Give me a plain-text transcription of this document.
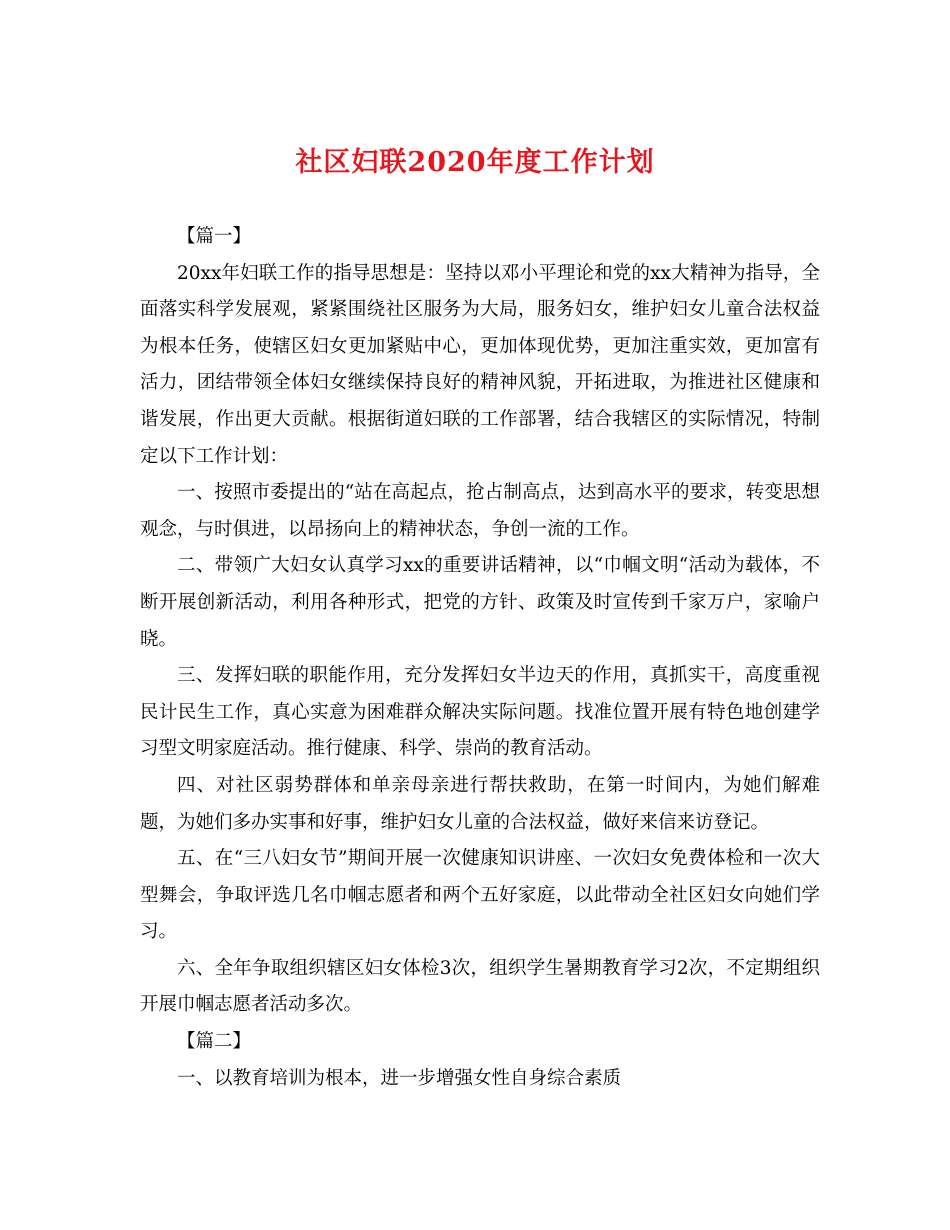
社区妇联2020年度工作计划

【篇一】

20xx年妇联工作的指导思想是：坚持以邓小平理论和党的xx大精神为指导，全面落实科学发展观，紧紧围绕社区服务为大局，服务妇女，维护妇女儿童合法权益为根本任务，使辖区妇女更加紧贴中心，更加体现优势，更加注重实效，更加富有活力，团结带领全体妇女继续保持良好的精神风貌，开拓进取，为推进社区健康和谐发展，作出更大贡献。根据街道妇联的工作部署，结合我辖区的实际情况，特制定以下工作计划：

一、按照市委提出的“站在高起点，抢占制高点，达到高水平的要求，转变思想观念，与时俱进，以昂扬向上的精神状态，争创一流的工作。

二、带领广大妇女认真学习xx的重要讲话精神，以“巾帼文明“活动为载体，不断开展创新活动，利用各种形式，把党的方针、政策及时宣传到千家万户，家喻户晓。

三、发挥妇联的职能作用，充分发挥妇女半边天的作用，真抓实干，高度重视民计民生工作，真心实意为困难群众解决实际问题。找准位置开展有特色地创建学习型文明家庭活动。推行健康、科学、崇尚的教育活动。

四、对社区弱势群体和单亲母亲进行帮扶救助，在第一时间内，为她们解难题，为她们多办实事和好事，维护妇女儿童的合法权益，做好来信来访登记。

五、在“三八妇女节”期间开展一次健康知识讲座、一次妇女免费体检和一次大型舞会，争取评选几名巾帼志愿者和两个五好家庭，以此带动全社区妇女向她们学习。

六、全年争取组织辖区妇女体检3次，组织学生暑期教育学习2次，不定期组织开展巾帼志愿者活动多次。

【篇二】

一、以教育培训为根本，进一步增强女性自身综合素质
